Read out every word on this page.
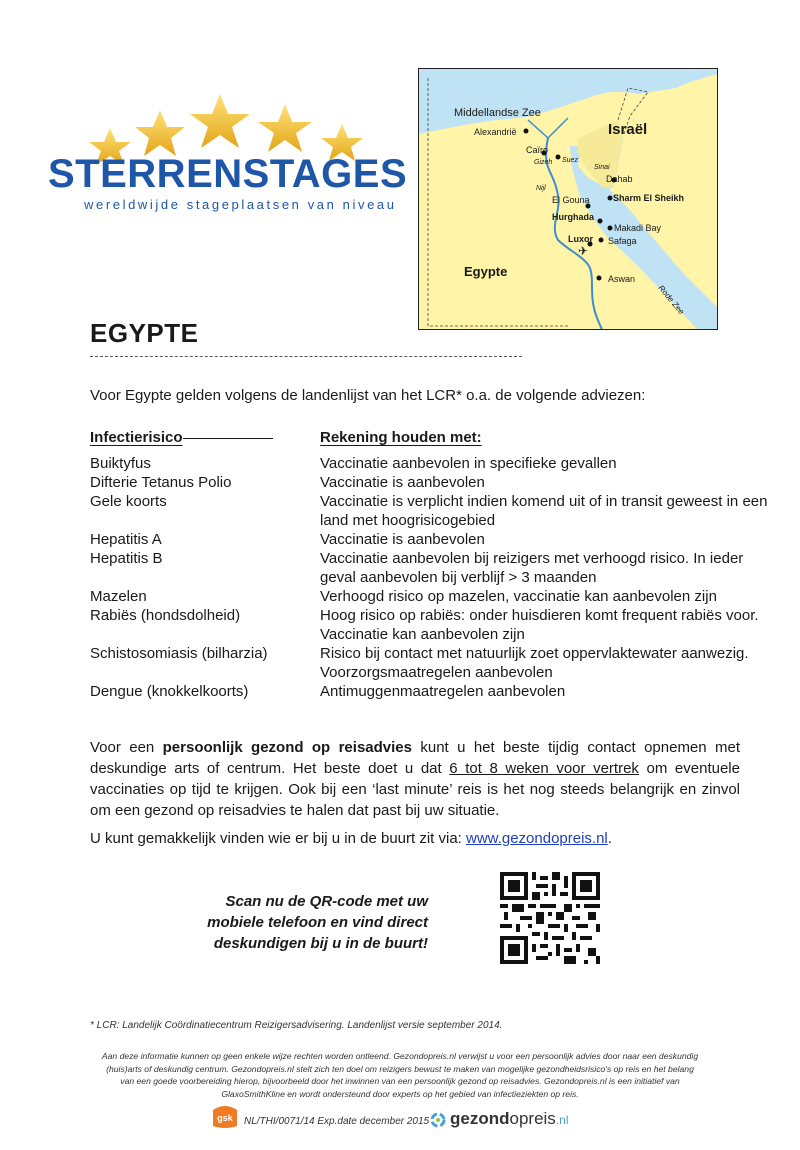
STERRENSTAGES
wereldwijde stageplaatsen van niveau
✈
Middellandse Zee
Alexandrië	Israël
Caïro
Gizeh Suez
Sinai
Nijl
Dahab
Sharm El Sheikh
El Gouna
Hurghada
Makadi Bay
Safaga
Luxor
Aswan
Egypte
Rode Zee
EGYPTE
Voor Egypte gelden volgens de landenlijst van het LCR* o.a. de volgende adviezen:
Infectierisico	Rekening houden met:
Buiktyfus	Vaccinatie aanbevolen in specifieke gevallen
Difterie Tetanus Polio	Vaccinatie is aanbevolen
Gele koorts	Vaccinatie is verplicht indien komend uit of in transit geweest in een land met hoogrisicogebied
Hepatitis A	Vaccinatie is aanbevolen
Hepatitis B	Vaccinatie aanbevolen bij reizigers met verhoogd risico. In ieder geval aanbevolen bij verblijf > 3 maanden
Mazelen	Verhoogd risico op mazelen, vaccinatie kan aanbevolen zijn
Rabiës (hondsdolheid)	Hoog risico op rabiës: onder huisdieren komt frequent rabiës voor. Vaccinatie kan aanbevolen zijn
Schistosomiasis (bilharzia)	Risico bij contact met natuurlijk zoet oppervlaktewater aanwezig. Voorzorgsmaatregelen aanbevolen
Dengue (knokkelkoorts)	Antimuggenmaatregelen aanbevolen
Voor een persoonlijk gezond op reisadvies kunt u het beste tijdig contact opnemen met deskundige arts of centrum. Het beste doet u dat 6 tot 8 weken voor vertrek om eventuele vaccinaties op tijd te krijgen. Ook bij een ‘last minute’ reis is het nog steeds belangrijk en zinvol om een gezond op reisadvies te halen dat past bij uw situatie.
U kunt gemakkelijk vinden wie er bij u in de buurt zit via: www.gezondopreis.nl.
Scan nu de QR-code met uw mobiele telefoon en vind direct deskundigen bij u in de buurt!
* LCR: Landelijk Coördinatiecentrum Reizigersadvisering. Landenlijst versie september 2014.
Aan deze informatie kunnen op geen enkele wijze rechten worden ontleend. Gezondopreis.nl verwijst u voor een persoonlijk advies door naar een deskundig (huis)arts of deskundig centrum. Gezondopreis.nl stelt zich ten doel om reizigers bewust te maken van mogelijke gezondheidsrisico's op reis en het belang van een goede voorbereiding hierop, bijvoorbeeld door het inwinnen van een persoonlijk gezond op reisadvies. Gezondopreis.nl is een initiatief van GlaxoSmithKline en wordt ondersteund door experts op het gebied van infectieziekten op reis.
gsk NL/THI/0071/14 Exp.date december 2015 gezondopreis.nl
